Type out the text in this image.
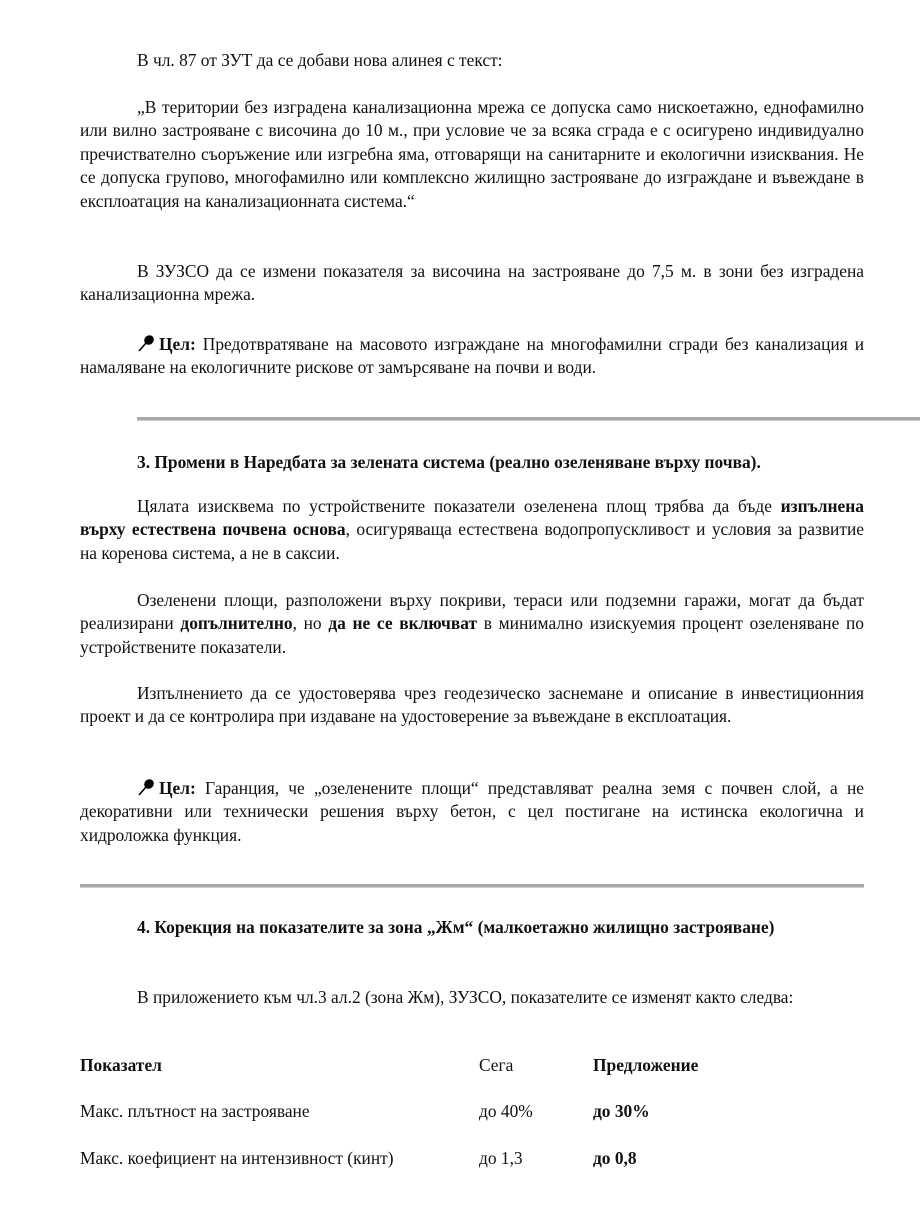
В чл. 87 от ЗУТ да се добави нова алинея с текст:

„В територии без изградена канализационна мрежа се допуска само нискоетажно, еднофамилно или вилно застрояване с височина до 10 м., при условие че за всяка сграда е с осигурено индивидуално пречиствателно съоръжение или изгребна яма, отговарящи на санитарните и екологични изисквания. Не се допуска групово, многофамилно или комплексно жилищно застрояване до изграждане и въвеждане в експлоатация на канализационната система.“

В ЗУЗСО да се измени показателя за височина на застрояване до 7,5 м. в зони без изградена канализационна мрежа.

Цел: Предотвратяване на масовото изграждане на многофамилни сгради без канализация и намаляване на екологичните рискове от замърсяване на почви и води.

3. Промени в Наредбата за зелената система (реално озеленяване върху почва).

Цялата изисквема по устройствените показатели озеленена площ трябва да бъде изпълнена върху естествена почвена основа, осигуряваща естествена водопропускливост и условия за развитие на коренова система, а не в саксии.

Озеленени площи, разположени върху покриви, тераси или подземни гаражи, могат да бъдат реализирани допълнително, но да не се включват в минимално изискуемия процент озеленяване по устройствените показатели.

Изпълнението да се удостоверява чрез геодезическо заснемане и описание в инвестиционния проект и да се контролира при издаване на удостоверение за въвеждане в експлоатация.

Цел: Гаранция, че „озеленените площи“ представляват реална земя с почвен слой, а не декоративни или технически решения върху бетон, с цел постигане на истинска екологична и хидроложка функция.

4. Корекция на показателите за зона „Жм“ (малкоетажно жилищно застрояване)

В приложението към чл.3 ал.2 (зона Жм), ЗУЗСО, показателите се изменят както следва:

Показател	Сега	Предложение
Макс. плътност на застрояване	до 40%	до 30%
Макс. коефициент на интензивност (кинт)	до 1,3	до 0,8
